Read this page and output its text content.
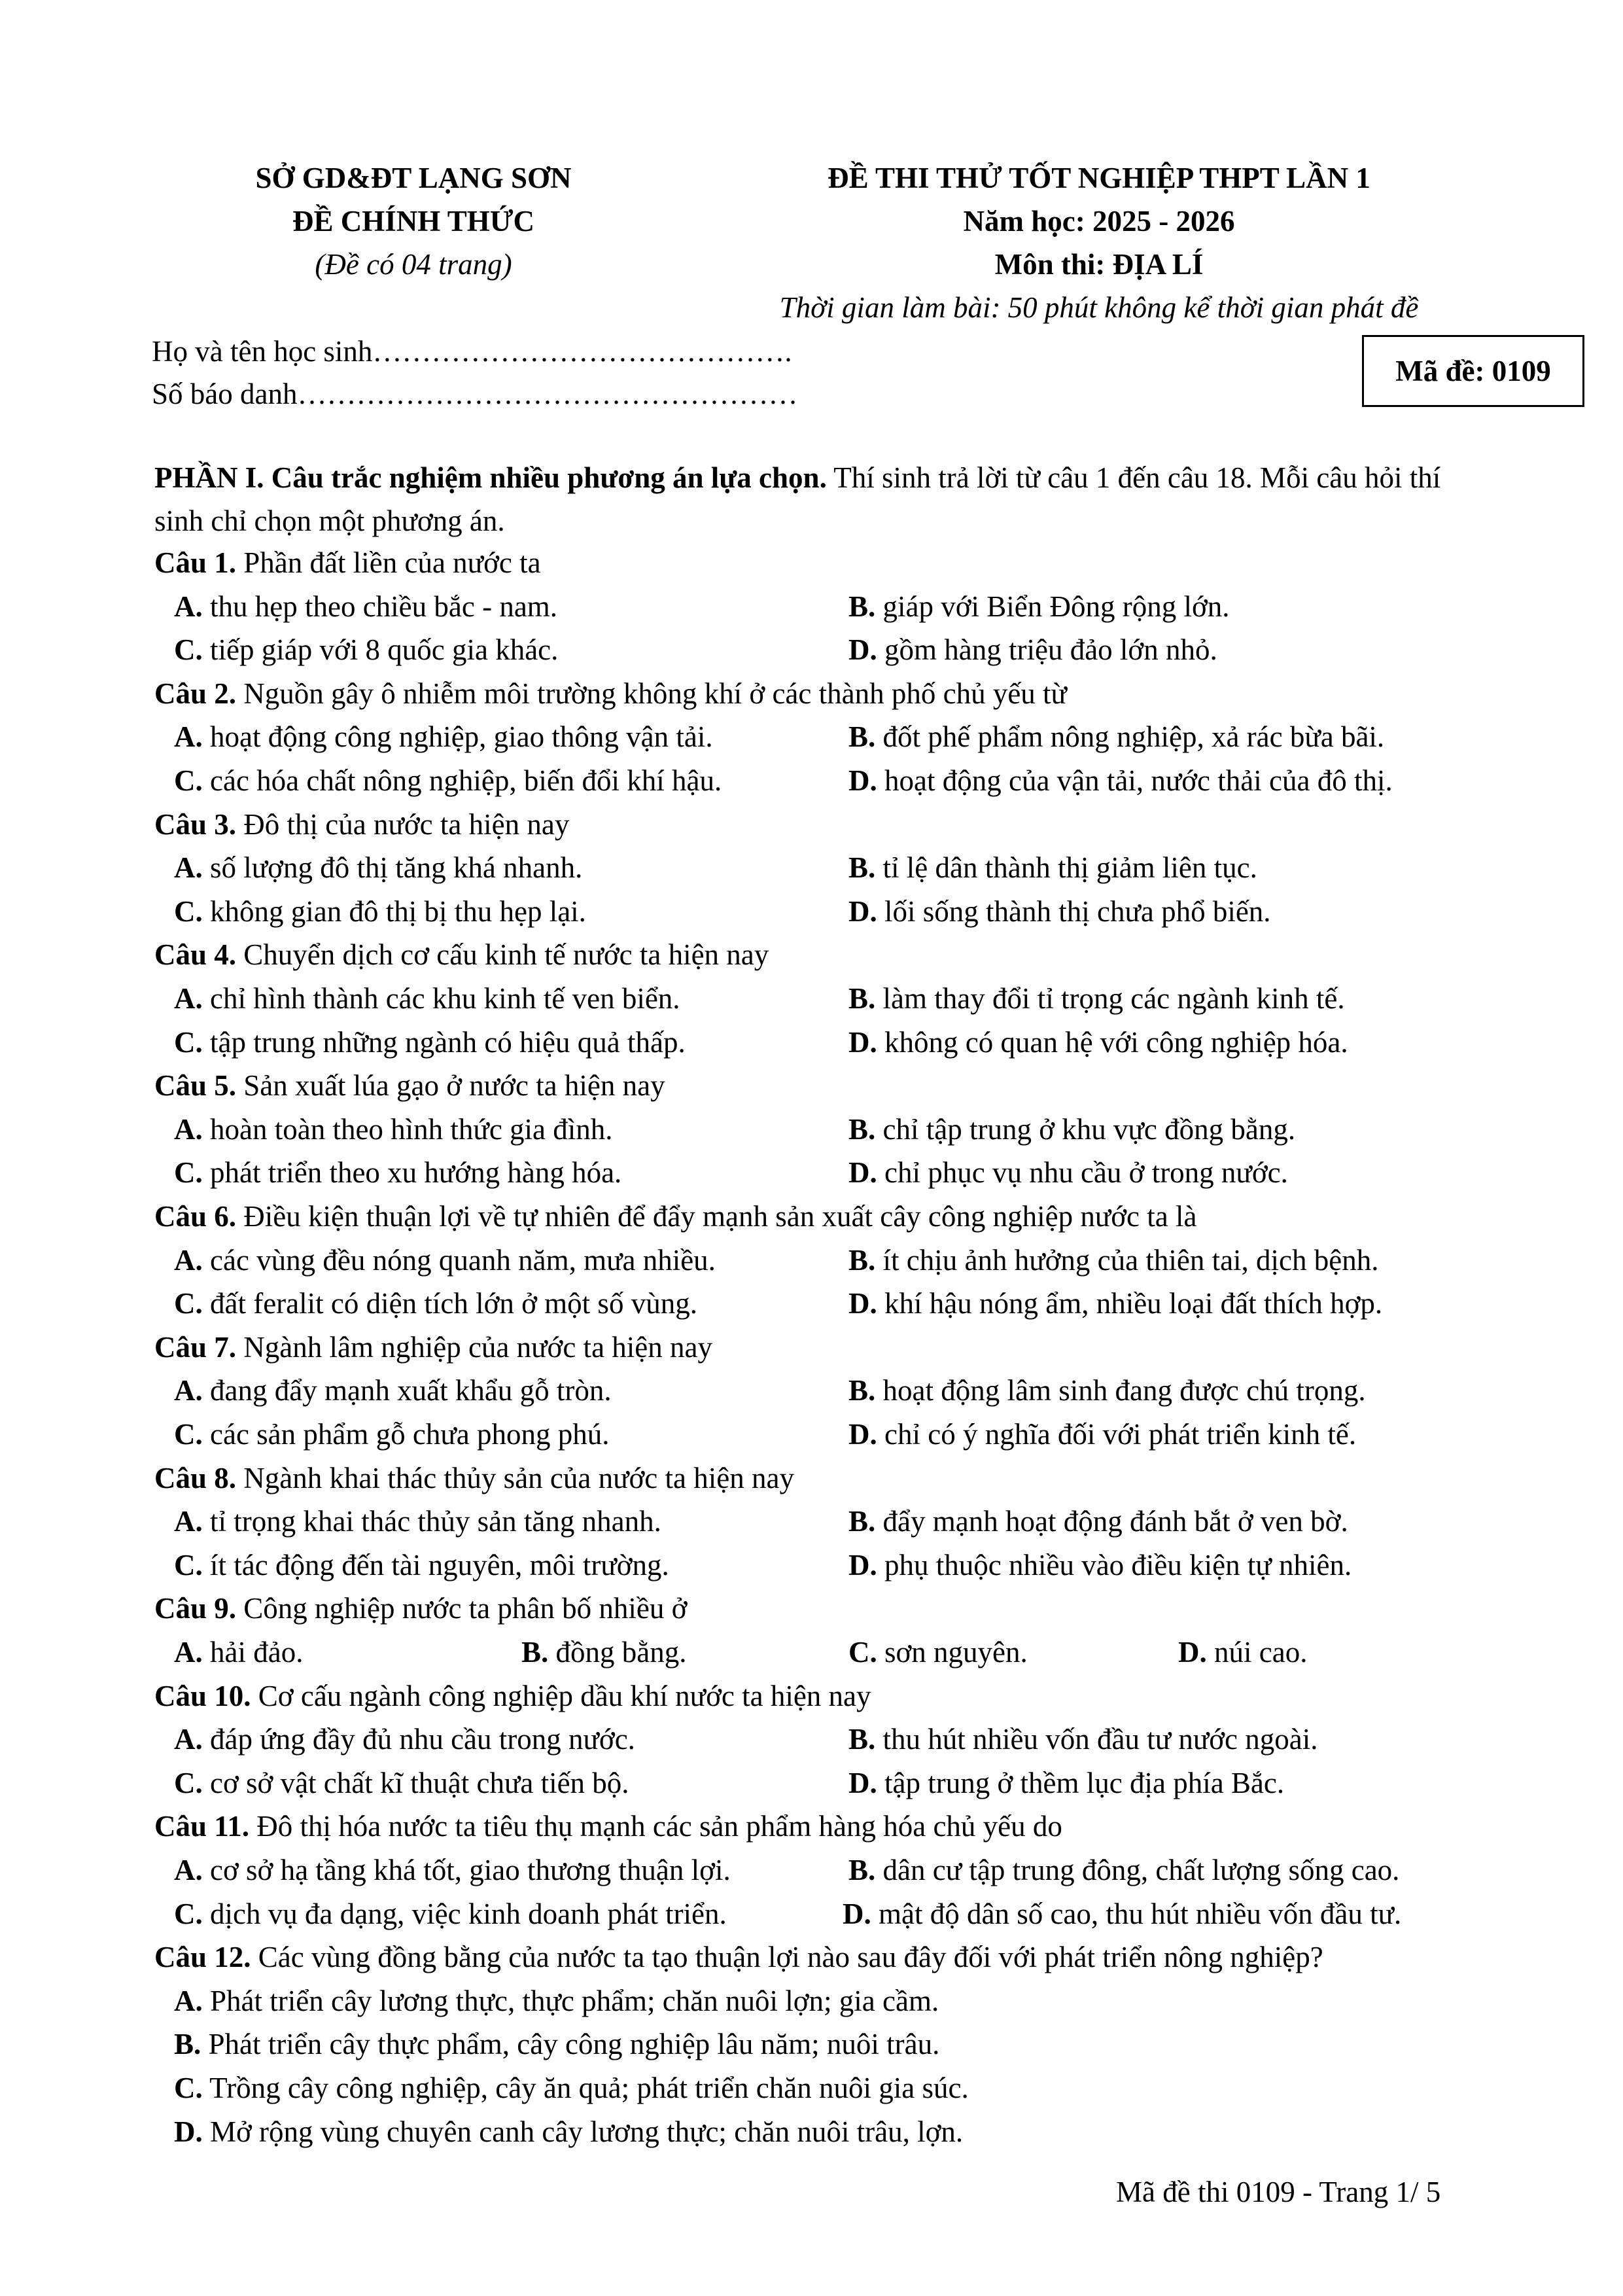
SỞ GD&ĐT LẠNG SƠN
ĐỀ CHÍNH THỨC
(Đề có 04 trang)
ĐỀ THI THỬ TỐT NGHIỆP THPT LẦN 1
Năm học: 2025 - 2026
Môn thi: ĐỊA LÍ
Thời gian làm bài: 50 phút không kể thời gian phát đề
Họ và tên học sinh…………………………………….
Số báo danh……………………………………………
Mã đề: 0109
PHẦN I. Câu trắc nghiệm nhiều phương án lựa chọn. Thí sinh trả lời từ câu 1 đến câu 18. Mỗi câu hỏi thí sinh chỉ chọn một phương án.
Câu 1. Phần đất liền của nước ta
A. thu hẹp theo chiều bắc - nam.	B. giáp với Biển Đông rộng lớn.
C. tiếp giáp với 8 quốc gia khác.	D. gồm hàng triệu đảo lớn nhỏ.
Câu 2. Nguồn gây ô nhiễm môi trường không khí ở các thành phố chủ yếu từ
A. hoạt động công nghiệp, giao thông vận tải.	B. đốt phế phẩm nông nghiệp, xả rác bừa bãi.
C. các hóa chất nông nghiệp, biến đổi khí hậu.	D. hoạt động của vận tải, nước thải của đô thị.
Câu 3. Đô thị của nước ta hiện nay
A. số lượng đô thị tăng khá nhanh.	B. tỉ lệ dân thành thị giảm liên tục.
C. không gian đô thị bị thu hẹp lại.	D. lối sống thành thị chưa phổ biến.
Câu 4. Chuyển dịch cơ cấu kinh tế nước ta hiện nay
A. chỉ hình thành các khu kinh tế ven biển.	B. làm thay đổi tỉ trọng các ngành kinh tế.
C. tập trung những ngành có hiệu quả thấp.	D. không có quan hệ với công nghiệp hóa.
Câu 5. Sản xuất lúa gạo ở nước ta hiện nay
A. hoàn toàn theo hình thức gia đình.	B. chỉ tập trung ở khu vực đồng bằng.
C. phát triển theo xu hướng hàng hóa.	D. chỉ phục vụ nhu cầu ở trong nước.
Câu 6. Điều kiện thuận lợi về tự nhiên để đẩy mạnh sản xuất cây công nghiệp nước ta là
A. các vùng đều nóng quanh năm, mưa nhiều.	B. ít chịu ảnh hưởng của thiên tai, dịch bệnh.
C. đất feralit có diện tích lớn ở một số vùng.	D. khí hậu nóng ẩm, nhiều loại đất thích hợp.
Câu 7. Ngành lâm nghiệp của nước ta hiện nay
A. đang đẩy mạnh xuất khẩu gỗ tròn.	B. hoạt động lâm sinh đang được chú trọng.
C. các sản phẩm gỗ chưa phong phú.	D. chỉ có ý nghĩa đối với phát triển kinh tế.
Câu 8. Ngành khai thác thủy sản của nước ta hiện nay
A. tỉ trọng khai thác thủy sản tăng nhanh.	B. đẩy mạnh hoạt động đánh bắt ở ven bờ.
C. ít tác động đến tài nguyên, môi trường.	D. phụ thuộc nhiều vào điều kiện tự nhiên.
Câu 9. Công nghiệp nước ta phân bố nhiều ở
A. hải đảo.	B. đồng bằng.	C. sơn nguyên.	D. núi cao.
Câu 10. Cơ cấu ngành công nghiệp dầu khí nước ta hiện nay
A. đáp ứng đầy đủ nhu cầu trong nước.	B. thu hút nhiều vốn đầu tư nước ngoài.
C. cơ sở vật chất kĩ thuật chưa tiến bộ.	D. tập trung ở thềm lục địa phía Bắc.
Câu 11. Đô thị hóa nước ta tiêu thụ mạnh các sản phẩm hàng hóa chủ yếu do
A. cơ sở hạ tầng khá tốt, giao thương thuận lợi.	B. dân cư tập trung đông, chất lượng sống cao.
C. dịch vụ đa dạng, việc kinh doanh phát triển.	D. mật độ dân số cao, thu hút nhiều vốn đầu tư.
Câu 12. Các vùng đồng bằng của nước ta tạo thuận lợi nào sau đây đối với phát triển nông nghiệp?
A. Phát triển cây lương thực, thực phẩm; chăn nuôi lợn; gia cầm.
B. Phát triển cây thực phẩm, cây công nghiệp lâu năm; nuôi trâu.
C. Trồng cây công nghiệp, cây ăn quả; phát triển chăn nuôi gia súc.
D. Mở rộng vùng chuyên canh cây lương thực; chăn nuôi trâu, lợn.
Mã đề thi 0109 - Trang 1/ 5
